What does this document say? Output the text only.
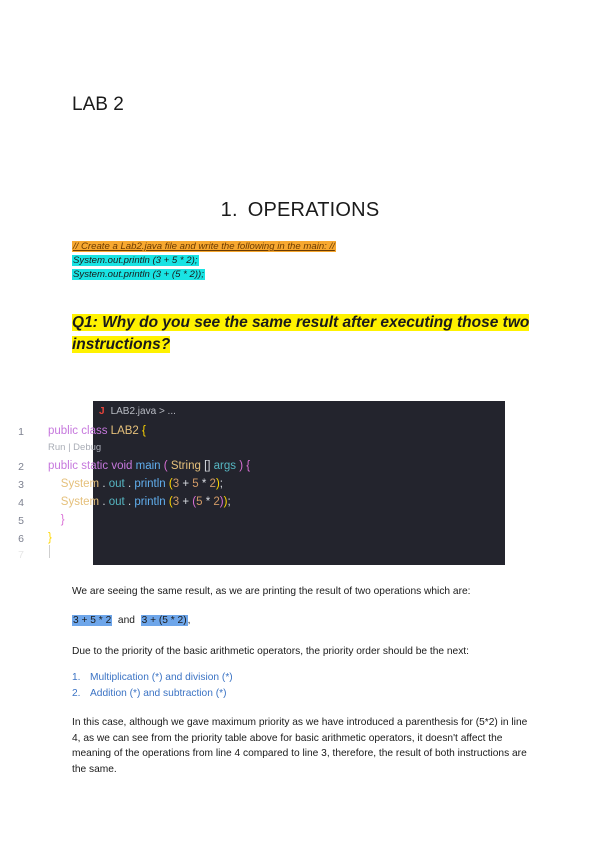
LAB 2
1. OPERATIONS
// Create a Lab2.java file and write the following in the main: //
System.out.println (3 + 5 * 2);
System.out.println (3 + (5 * 2));

Q1: Why do you see the same result after executing those two instructions?

J LAB2.java > ...
1 public class LAB2 {
Run | Debug
2 public static void main ( String [] args ) {
3	System . out . println (3 + 5 * 2);
4	System . out . println (3 + (5 * 2));
5	}
6 }
7

We are seeing the same result, as we are printing the result of two operations which are:

3 + 5 * 2 and 3 + (5 * 2),

Due to the priority of the basic arithmetic operators, the priority order should be the next:

1. Multiplication (*) and division (*)
2. Addition (*) and subtraction (*)

In this case, although we gave maximum priority as we have introduced a parenthesis for (5*2) in line 4, as we can see from the priority table above for basic arithmetic operators, it doesn't affect the meaning of the operations from line 4 compared to line 3, therefore, the result of both instructions are the same.
